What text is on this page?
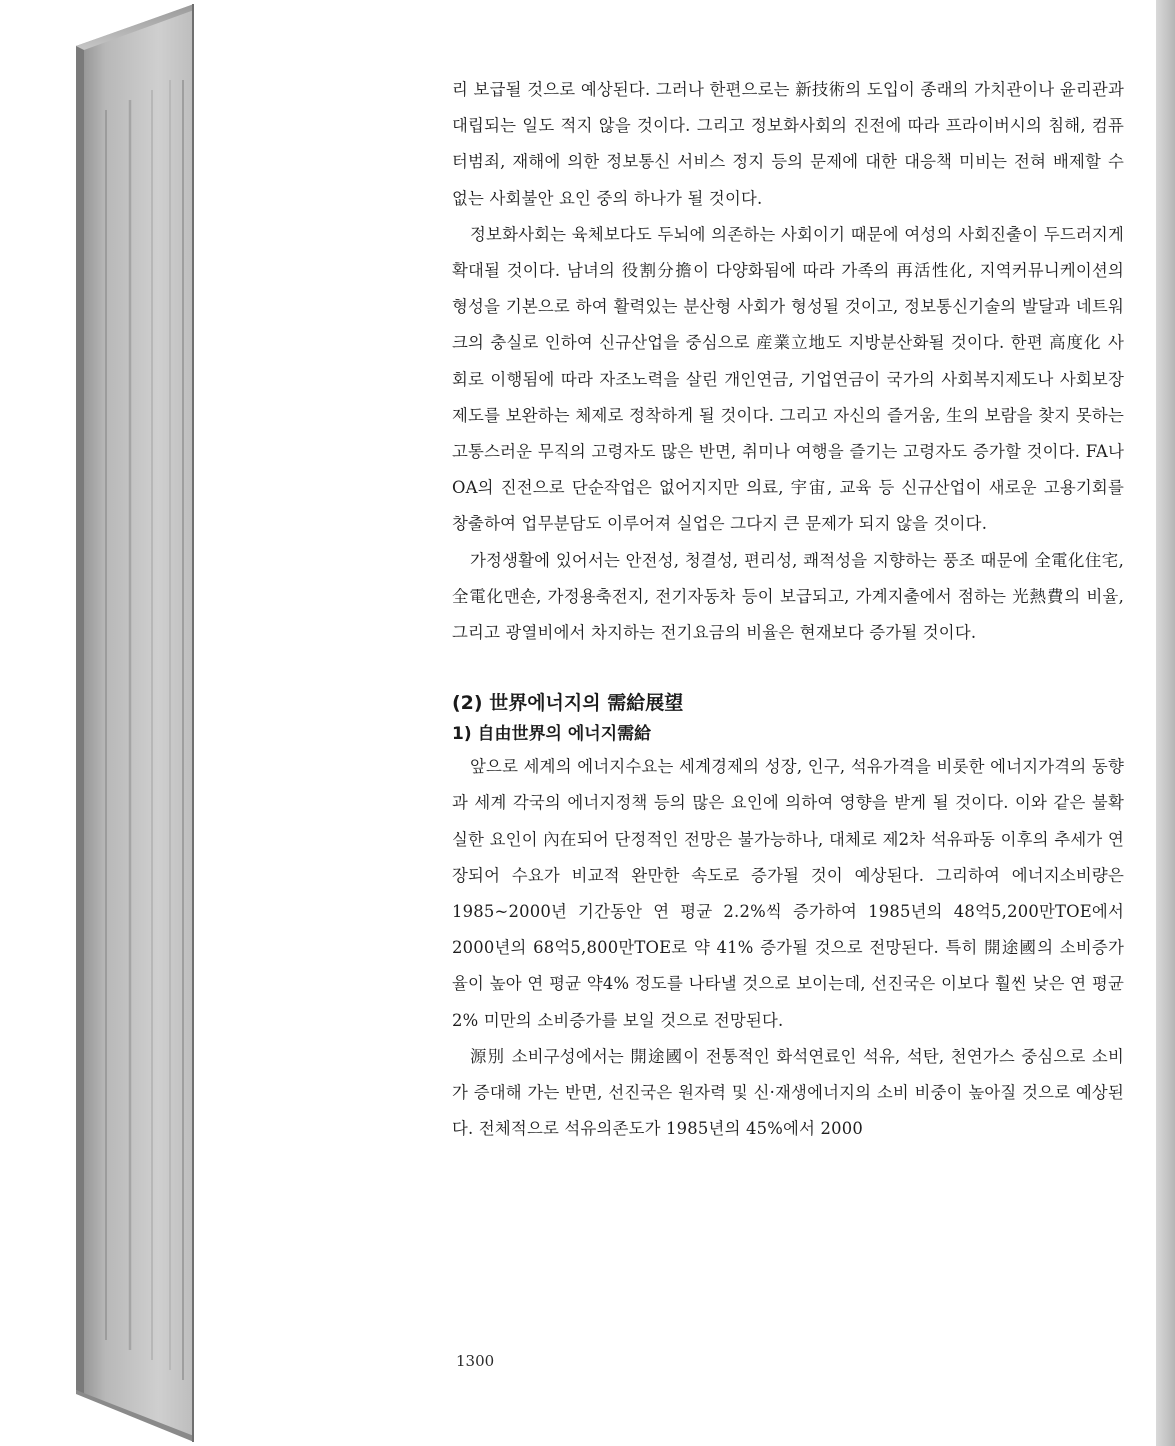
리 보급될 것으로 예상된다. 그러나 한편으로는 新技術의 도입이 종래의 가치관이나 윤리관과 대립되는 일도 적지 않을 것이다. 그리고 정보화사회의 진전에 따라 프라이버시의 침해, 컴퓨터범죄, 재해에 의한 정보통신 서비스 정지 등의 문제에 대한 대응책 미비는 전혀 배제할 수 없는 사회불안 요인 중의 하나가 될 것이다.

정보화사회는 육체보다도 두뇌에 의존하는 사회이기 때문에 여성의 사회진출이 두드러지게 확대될 것이다. 남녀의 役割分擔이 다양화됨에 따라 가족의 再活性化, 지역커뮤니케이션의 형성을 기본으로 하여 활력있는 분산형 사회가 형성될 것이고, 정보통신기술의 발달과 네트워크의 충실로 인하여 신규산업을 중심으로 産業立地도 지방분산화될 것이다. 한편 高度化 사회로 이행됨에 따라 자조노력을 살린 개인연금, 기업연금이 국가의 사회복지제도나 사회보장제도를 보완하는 체제로 정착하게 될 것이다. 그리고 자신의 즐거움, 生의 보람을 찾지 못하는 고통스러운 무직의 고령자도 많은 반면, 취미나 여행을 즐기는 고령자도 증가할 것이다. FA나 OA의 진전으로 단순작업은 없어지지만 의료, 宇宙, 교육 등 신규산업이 새로운 고용기회를 창출하여 업무분담도 이루어져 실업은 그다지 큰 문제가 되지 않을 것이다.

가정생활에 있어서는 안전성, 청결성, 편리성, 쾌적성을 지향하는 풍조 때문에 全電化住宅, 全電化맨숀, 가정용축전지, 전기자동차 등이 보급되고, 가계지출에서 점하는 光熱費의 비율, 그리고 광열비에서 차지하는 전기요금의 비율은 현재보다 증가될 것이다.

(2) 世界에너지의 需給展望
1) 自由世界의 에너지需給

앞으로 세계의 에너지수요는 세계경제의 성장, 인구, 석유가격을 비롯한 에너지가격의 동향과 세계 각국의 에너지정책 등의 많은 요인에 의하여 영향을 받게 될 것이다. 이와 같은 불확실한 요인이 內在되어 단정적인 전망은 불가능하나, 대체로 제2차 석유파동 이후의 추세가 연장되어 수요가 비교적 완만한 속도로 증가될 것이 예상된다. 그리하여 에너지소비량은 1985~2000년 기간동안 연 평균 2.2%씩 증가하여 1985년의 48억5,200만TOE에서 2000년의 68억5,800만TOE로 약 41% 증가될 것으로 전망된다. 특히 開途國의 소비증가율이 높아 연 평균 약4% 정도를 나타낼 것으로 보이는데, 선진국은 이보다 훨씬 낮은 연 평균 2% 미만의 소비증가를 보일 것으로 전망된다.

源別 소비구성에서는 開途國이 전통적인 화석연료인 석유, 석탄, 천연가스 중심으로 소비가 증대해 가는 반면, 선진국은 원자력 및 신·재생에너지의 소비 비중이 높아질 것으로 예상된다. 전체적으로 석유의존도가 1985년의 45%에서 2000

1300
